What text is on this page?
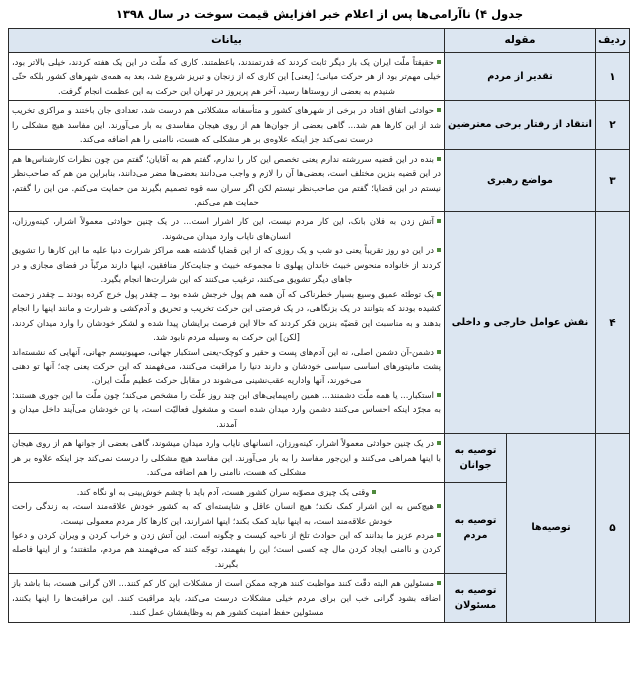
جدول ۴) ناآرامی‌ها پس از اعلام خبر افزایش قیمت سوخت در سال ۱۳۹۸
ردیف	مقوله		بیانات
۱	تقدیر از مردم		حقیقتاً ملّت ایران یک بار دیگر ثابت کردند که قدرتمندند، باعظمتند. کاری که ملّت در این یک هفته کردند، خیلی بالاتر بود، خیلی مهم‌تر بود از هر حرکت میانی؛ [یعنی] این کاری که از زنجان و تبریز شروع شد، بعد به همه‌ی شهرهای کشور بلکه حتّی شنیدم به بعضی از روستاها رسید، آخر هم پریروز در تهران این حرکت به این عظمت انجام گرفت.

۲	انتقاد از رفتار برخی معترضین		حوادثی اتفاق افتاد در برخی از شهرهای کشور و متأسفانه مشکلاتی هم درست شد، تعدادی جان باختند و مراکزی تخریب شد از این کارها هم شد... گاهی بعضی از جوان‌ها هم از روی هیجان مفاسدی به بار می‌آورند. این مفاسد هیچ مشکلی را درست نمی‌کند جز اینکه علاوه‌ی بر هر مشکلی که هست، ناامنی را هم اضافه می‌کند.

۳	مواضع رهبری		بنده در این قضیه سررشته ندارم یعنی تخصص این کار را ندارم، گفتم هم به آقایان؛ گفتم من چون نظرات کارشناس‌ها هم در این قضیه بنزین مختلف است، بعضی‌ها آن را لازم و واجب می‌دانند بعضی‌ها مضر می‌دانند، بنابراین من هم که صاحب‌نظر نیستم در این قضایا؛ گفتم من صاحب‌نظر نیستم لکن اگر سران سه قوه تصمیم بگیرند من حمایت می‌کنم. من این را گفتم، حمایت هم می‌کنم.

۴	نقش عوامل خارجی و داخلی		آتش زدن به فلان بانک، این کار مردم نیست، این کار اشرار است... در یک چنین حوادثی معمولاً اشرار، کینه‌ورزان، انسان‌های نایاب وارد میدان می‌شوند.

در این دو روز تقریباً یعنی دو شب و یک روزی که از این قضایا گذشته همه مراکز شرارت دنیا علیه ما این کارها را تشویق کردند از خانواده منحوس خبیث خاندان پهلوی تا مجموعه خبیث و جنایت‌کار منافقین، اینها دارند مرتّباً در فضای مجازی و در جاهای دیگر تشویق می‌کنند، ترغیب می‌کنند که این شرارت‌ها انجام بگیرد.

یک توطئه عمیق وسیع بسیار خطرناکی که آن همه هم پول خرجش شده بود ــ چقدر پول خرج کرده بودند ــ چقدر زحمت کشیده بودند که بتوانند در یک بزنگاهی، در یک فرصتی این حرکت تخریب و تحریق و آدم‌کشی و شرارت و مانند اینها را انجام بدهند و به مناسبت این قضیّه بنزین فکر کردند که حالا این فرصت برایشان پیدا شده و لشکر خودشان را وارد میدان کردند، [لکن] این حرکت به وسیله مردم نابود شد.

دشمن-آن دشمن اصلی، نه این آدم‌های پست و حقیر و کوچک-یعنی استکبار جهانی، صهیونیسم جهانی، آنهایی که نشسته‌اند پشت مانیتورهای اساسی سیاسی خودشان و دارند دنیا را مراقبت می‌کنند، می‌فهمند که این حرکت یعنی چه؛ آنها تو دهنی می‌خورند، آنها واداریه عقب‌نشینی می‌شوند در مقابل حرکت عظیم ملّت ایران.

استکبار... یا همه ملّت دشمنند... همین راه‌پیمایی‌های این چند روز علّت را مشخص می‌کند؛ چون ملّت ما این جوری هستند: به مجرّد اینکه احساس می‌کنند دشمن وارد میدان شده است و مشغول فعالیّت است، یا تن خودشان می‌آیند داخل میدان و آمدند.

۵	توصیه‌ها	توصیه به جوانان	در یک چنین حوادثی معمولاً اشرار، کینه‌ورزان، انسانهای نایاب وارد میدان میشوند، گاهی بعضی از جوانها هم از روی هیجان با اینها همراهی می‌کنند و این‌جور مفاسد را به بار می‌آورند. این مفاسد هیچ مشکلی را درست نمی‌کند جز اینکه علاوه بر هر مشکلی که هست، ناامنی را هم اضافه می‌کند.

		توصیه به مردم	وقتی یک چیزی مصوّبه سران کشور هست، آدم باید با چشم خوش‌بینی به او نگاه کند.

هیچ‌کس به این اشرار کمک نکند؛ هیچ انسان عاقل و شایسته‌ای که به کشور خودش علاقه‌مند است، به زندگی راحت خودش علاقه‌مند است، به اینها نباید کمک بکند؛ اینها اشرارند، این کارها کار مردم معمولی نیست.

مردم عزیز ما بدانند که این حوادث تلخ از ناحیه کیست و چگونه است. این آتش زدن و خراب کردن و ویران کردن و دعوا کردن و ناامنی ایجاد کردن مال چه کسی است؛ این را بفهمند، توجّه کنند که می‌فهمند هم مردم، ملتفتند؛ و از اینها فاصله بگیرند.

		توصیه به مسئولان	مسئولین هم البته دقّت کنند مواظبت کنند هرچه ممکن است از مشکلات این کار کم کنند... الان گرانی هست، بنا باشد باز اضافه بشود گرانی خب این برای مردم خیلی مشکلات درست می‌کند، باید مراقبت کنند. این مراقبت‌ها را اینها بکنند، مسئولین حفظ امنیت کشور هم به وظایفشان عمل کنند.
